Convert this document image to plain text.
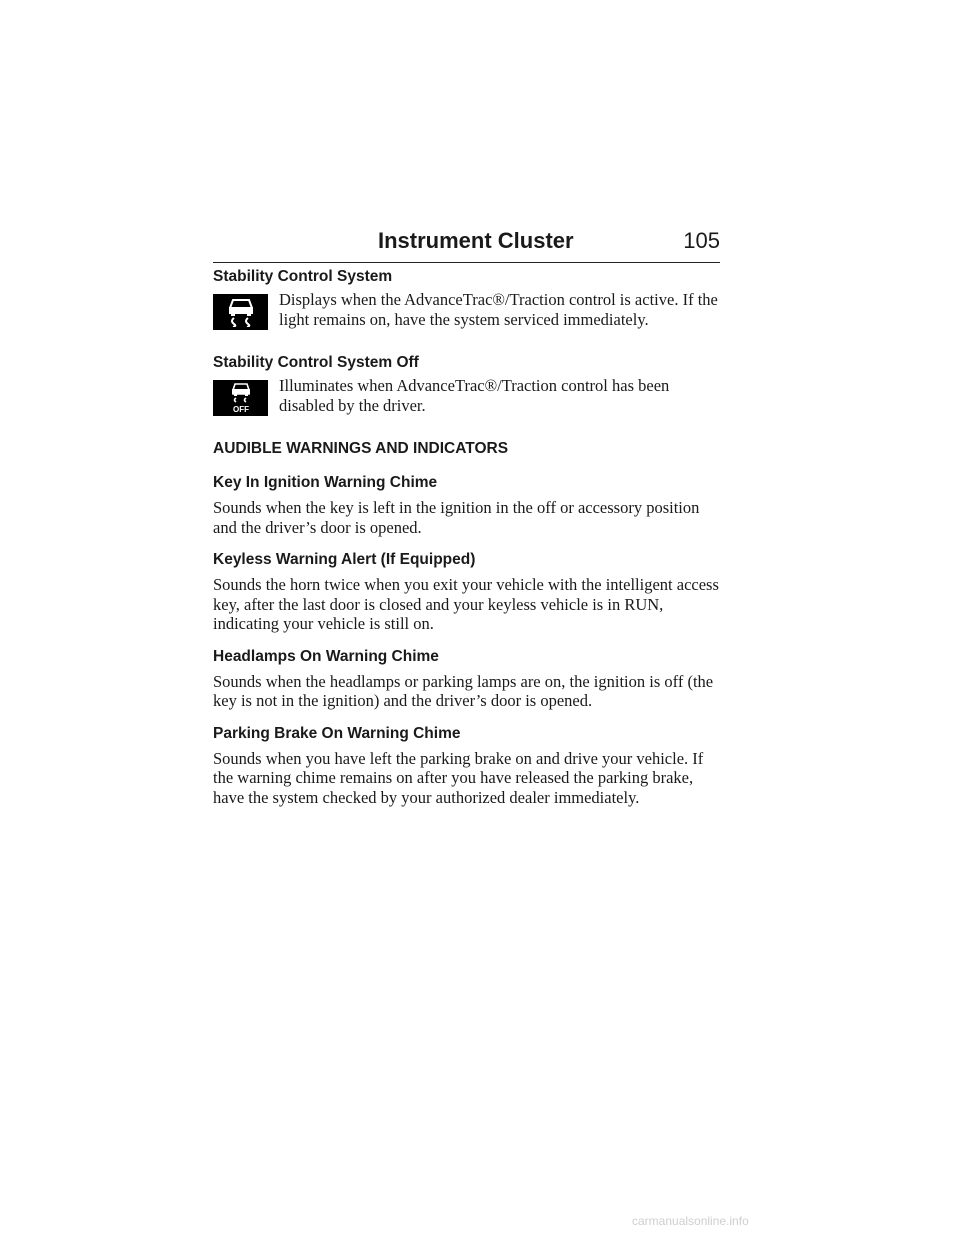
Instrument Cluster	105
Stability Control System

Displays when the AdvanceTrac®/Traction control is active. If the light remains on, have the system serviced immediately.

Stability Control System Off
OFF

Illuminates when AdvanceTrac®/Traction control has been disabled by the driver.

AUDIBLE WARNINGS AND INDICATORS
Key In Ignition Warning Chime

Sounds when the key is left in the ignition in the off or accessory position and the driver’s door is opened.

Keyless Warning Alert (If Equipped)

Sounds the horn twice when you exit your vehicle with the intelligent access key, after the last door is closed and your keyless vehicle is in RUN, indicating your vehicle is still on.

Headlamps On Warning Chime

Sounds when the headlamps or parking lamps are on, the ignition is off (the key is not in the ignition) and the driver’s door is opened.

Parking Brake On Warning Chime

Sounds when you have left the parking brake on and drive your vehicle. If the warning chime remains on after you have released the parking brake, have the system checked by your authorized dealer immediately.

carmanualsonline.info
